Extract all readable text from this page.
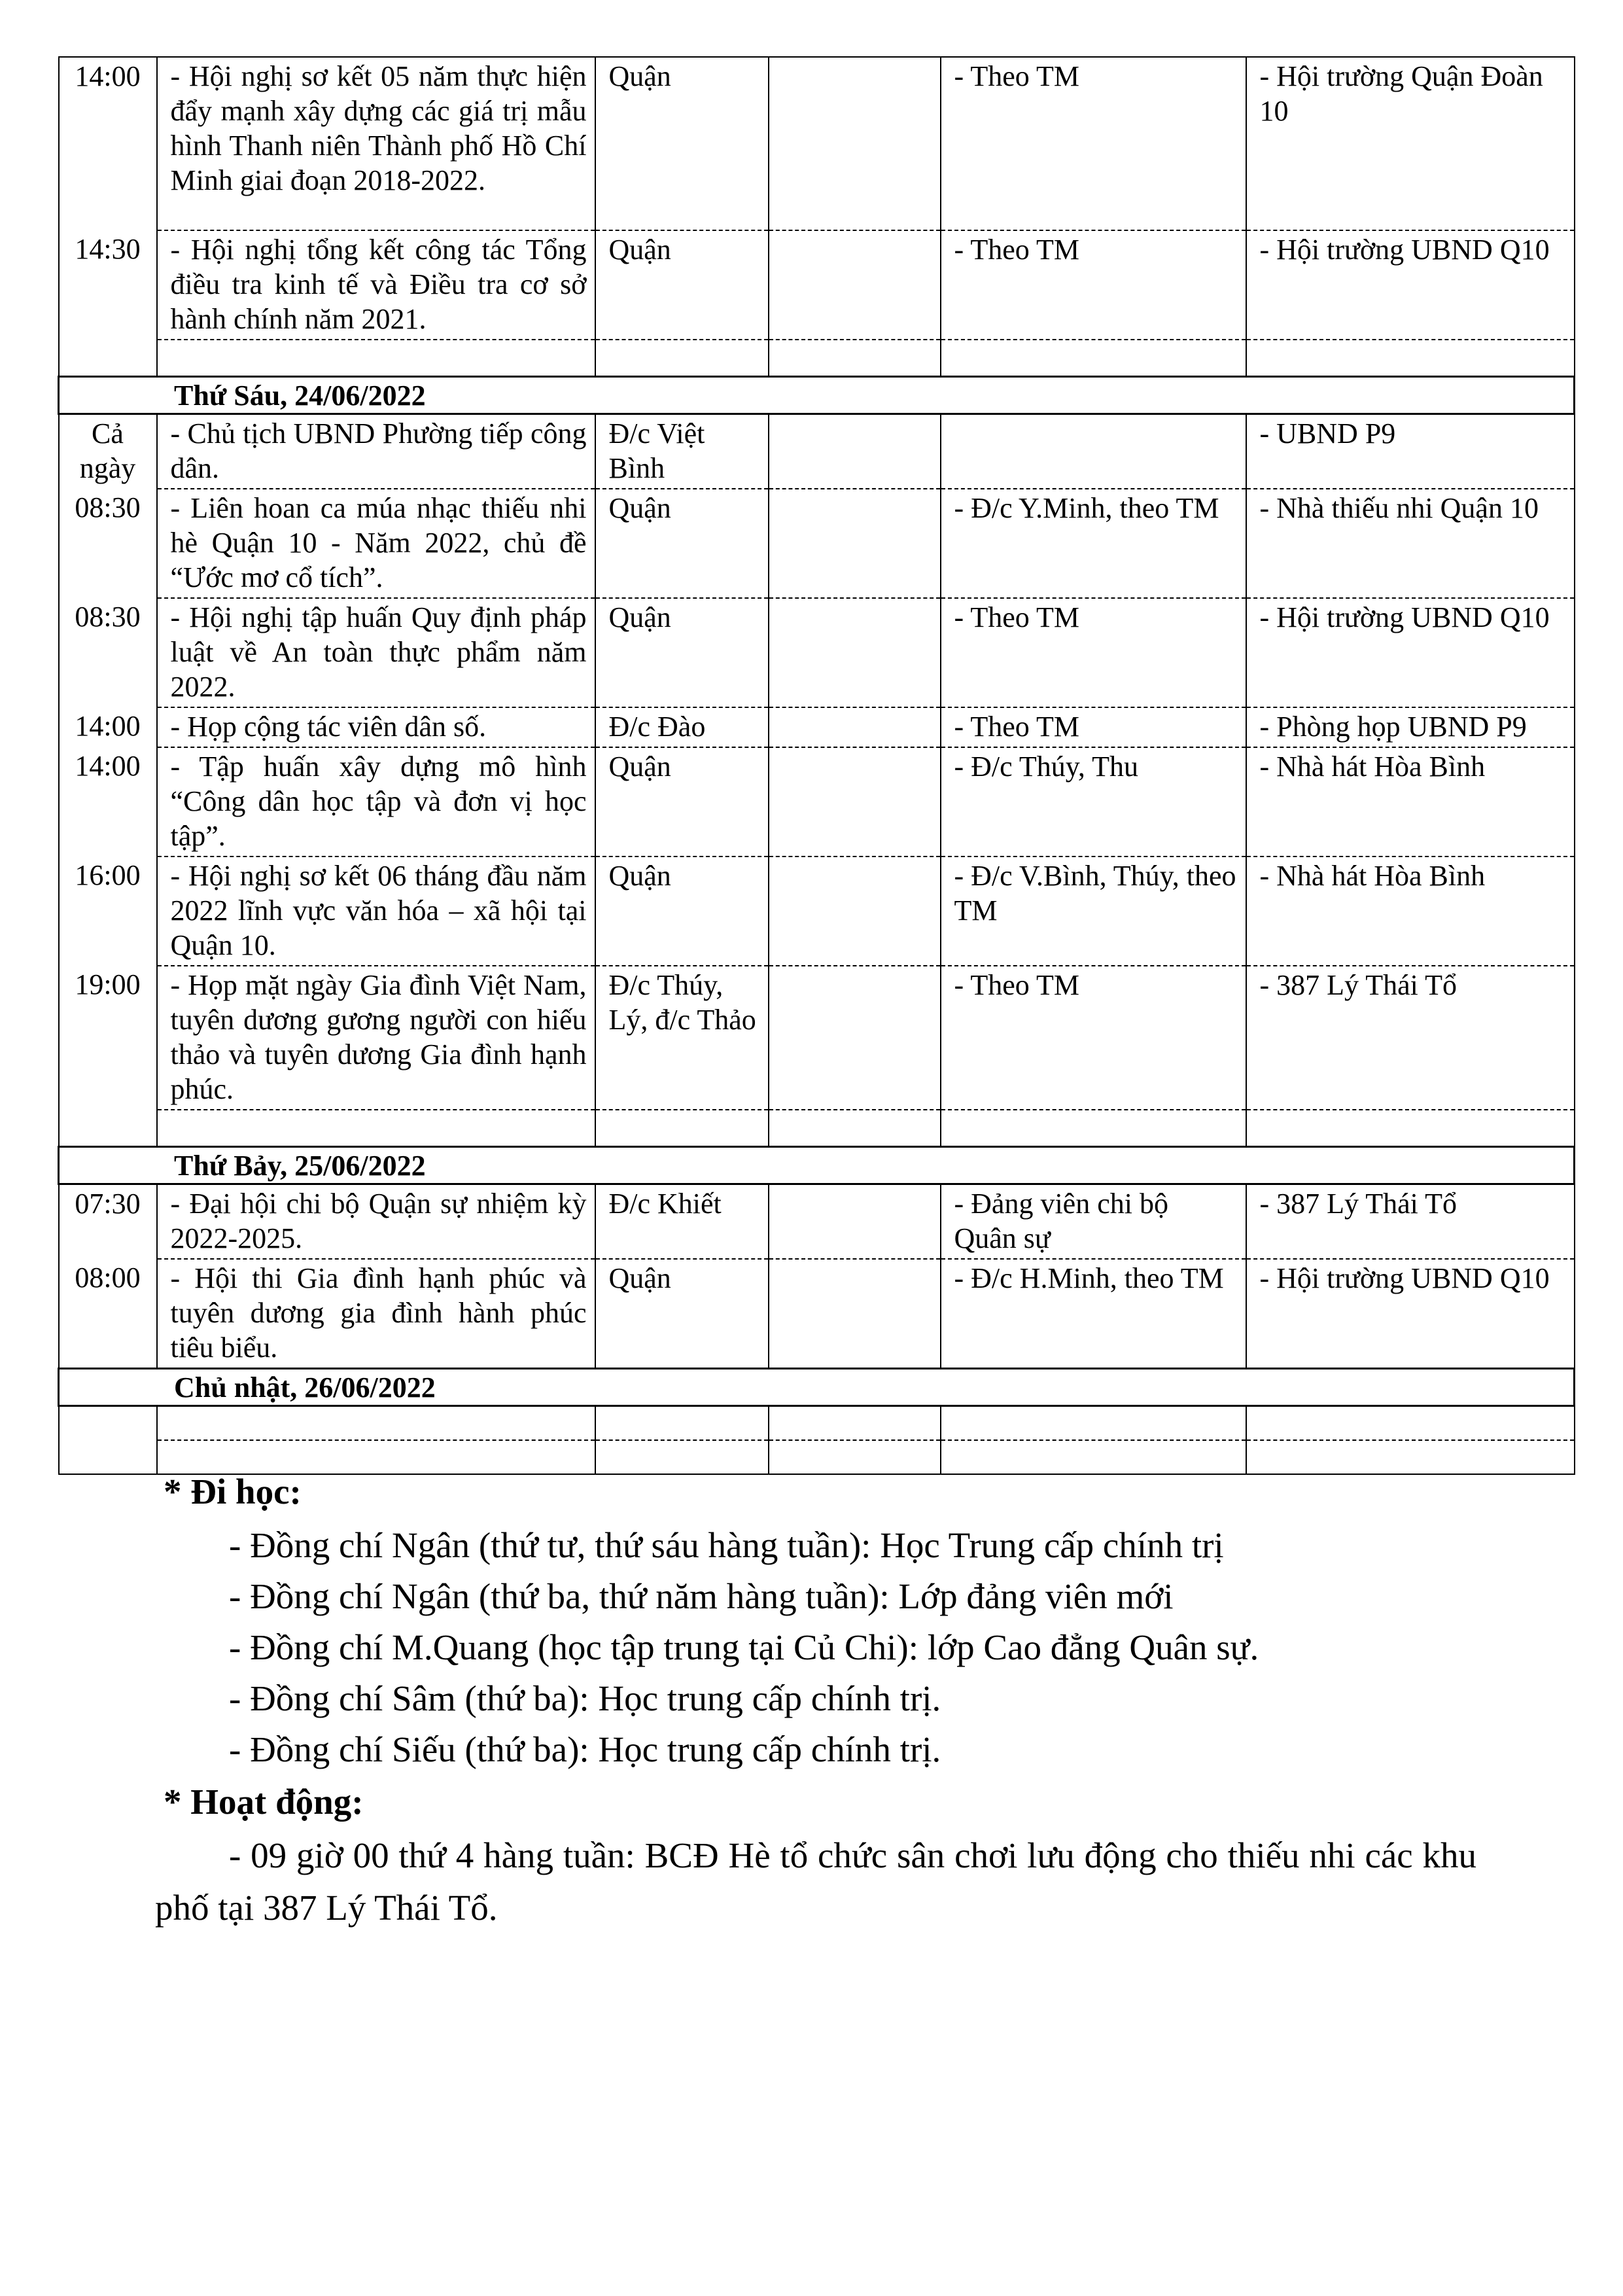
14:00	- Hội nghị sơ kết 05 năm thực hiện đẩy mạnh xây dựng các giá trị mẫu hình Thanh niên Thành phố Hồ Chí Minh giai đoạn 2018-2022.	Quận		- Theo TM	- Hội trường Quận Đoàn 10
14:30	- Hội nghị tổng kết công tác Tổng điều tra kinh tế và Điều tra cơ sở hành chính năm 2021.	Quận		- Theo TM	- Hội trường UBND Q10

Thứ Sáu, 24/06/2022					
Cả ngày	- Chủ tịch UBND Phường tiếp công dân.	Đ/c Việt Bình			- UBND P9
08:30	- Liên hoan ca múa nhạc thiếu nhi hè Quận 10 - Năm 2022, chủ đề “Ước mơ cổ tích”.	Quận		- Đ/c Y.Minh, theo TM	- Nhà thiếu nhi Quận 10
08:30	- Hội nghị tập huấn Quy định pháp luật về An toàn thực phẩm năm 2022.	Quận		- Theo TM	- Hội trường UBND Q10
14:00	- Họp cộng tác viên dân số.	Đ/c Đào		- Theo TM	- Phòng họp UBND P9
14:00	- Tập huấn xây dựng mô hình “Công dân học tập và đơn vị học tập”.	Quận		- Đ/c Thúy, Thu	- Nhà hát Hòa Bình
16:00	- Hội nghị sơ kết 06 tháng đầu năm 2022 lĩnh vực văn hóa – xã hội tại Quận 10.	Quận		- Đ/c V.Bình, Thúy, theo TM	- Nhà hát Hòa Bình
19:00	- Họp mặt ngày Gia đình Việt Nam, tuyên dương gương người con hiếu thảo và tuyên dương Gia đình hạnh phúc.	Đ/c Thúy, Lý, đ/c Thảo		- Theo TM	- 387 Lý Thái Tổ

Thứ Bảy, 25/06/2022					
07:30	- Đại hội chi bộ Quận sự nhiệm kỳ 2022-2025.	Đ/c Khiết		- Đảng viên chi bộ Quân sự	- 387 Lý Thái Tổ
08:00	- Hội thi Gia đình hạnh phúc và tuyên dương gia đình hành phúc tiêu biểu.	Quận		- Đ/c H.Minh, theo TM	- Hội trường UBND Q10
Chủ nhật, 26/06/2022					

* Đi học:
- Đồng chí Ngân (thứ tư, thứ sáu hàng tuần): Học Trung cấp chính trị
- Đồng chí Ngân (thứ ba, thứ năm hàng tuần): Lớp đảng viên mới
- Đồng chí M.Quang (học tập trung tại Củ Chi): lớp Cao đẳng Quân sự.
- Đồng chí Sâm (thứ ba): Học trung cấp chính trị.
- Đồng chí Siếu (thứ ba): Học trung cấp chính trị.
* Hoạt động:
- 09 giờ 00 thứ 4 hàng tuần: BCĐ Hè tổ chức sân chơi lưu động cho thiếu nhi các khu phố tại 387 Lý Thái Tổ.
